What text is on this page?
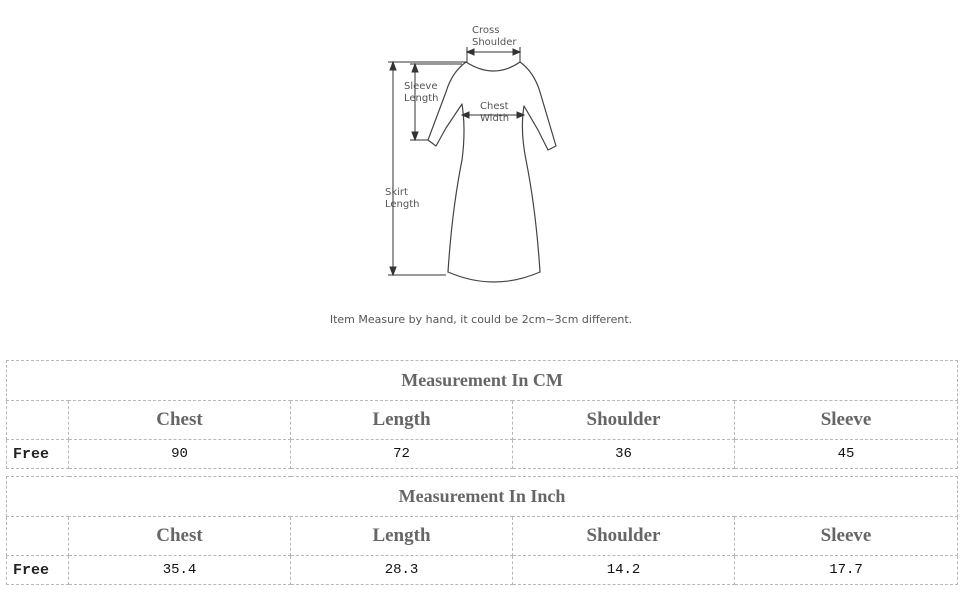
Cross
Shoulder
Sleeve
Length
Chest
Width
Skirt
Length
Item Measure by hand, it could be 2cm~3cm different.
Measurement In CM				
	Chest	Length	Shoulder	Sleeve
Free	90	72	36	45
Measurement In Inch				
	Chest	Length	Shoulder	Sleeve
Free	35.4	28.3	14.2	17.7
